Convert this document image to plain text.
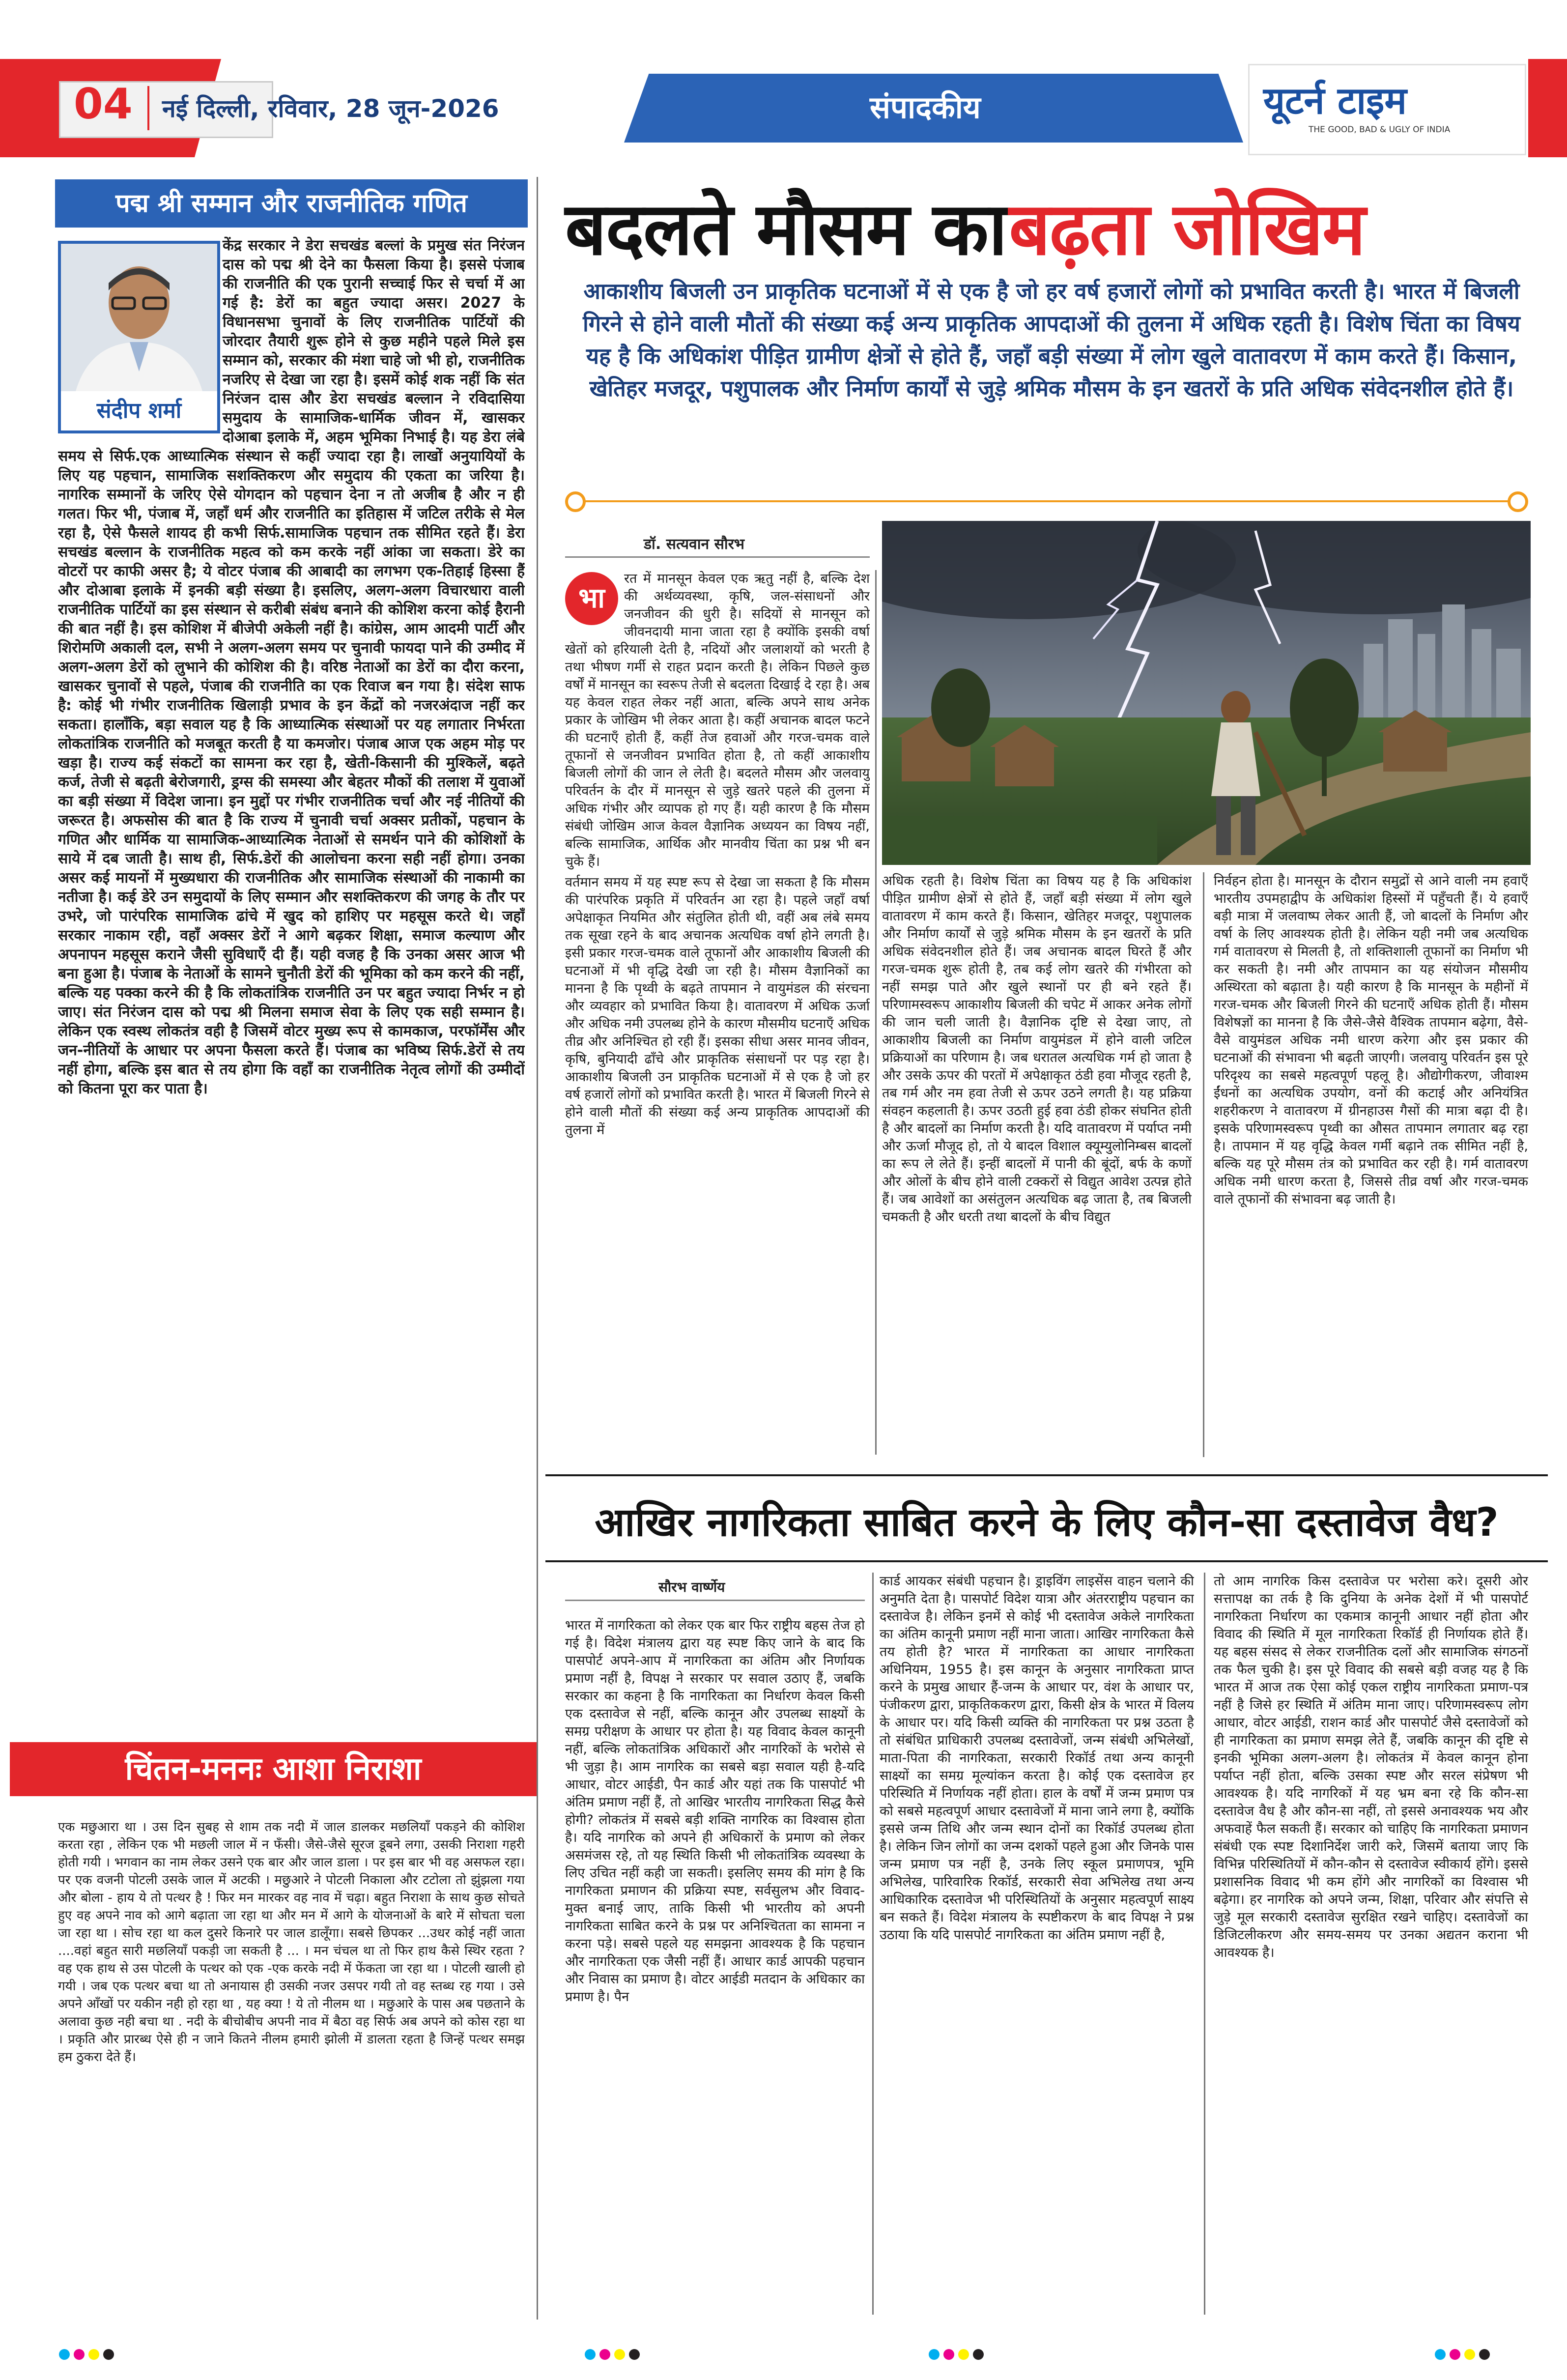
04 नई दिल्ली, रविवार, 28 जून-2026	संपादकीय	यूटर्न टाइम
THE GOOD, BAD & UGLY OF INDIA
पद्म श्री सम्मान और राजनीतिक गणित
संदीप शर्मा

केंद्र सरकार ने डेरा सचखंड बल्लां के प्रमुख संत निरंजन दास को पद्म श्री देने का फैसला किया है। इससे पंजाब की राजनीति की एक पुरानी सच्चाई फिर से चर्चा में आ गई है: डेरों का बहुत ज्यादा असर। 2027 के विधानसभा चुनावों के लिए राजनीतिक पार्टियों की जोरदार तैयारी शुरू होने से कुछ महीने पहले मिले इस सम्मान को, सरकार की मंशा चाहे जो भी हो, राजनीतिक नजरिए से देखा जा रहा है। इसमें कोई शक नहीं कि संत निरंजन दास और डेरा सचखंड बल्लान ने रविदासिया समुदाय के सामाजिक-धार्मिक जीवन में, खासकर दोआबा इलाके में, अहम भूमिका निभाई है। यह डेरा लंबे समय से सिर्फ.एक आध्यात्मिक संस्थान से कहीं ज्यादा रहा है। लाखों अनुयायियों के लिए यह पहचान, सामाजिक सशक्तिकरण और समुदाय की एकता का जरिया है। नागरिक सम्मानों के जरिए ऐसे योगदान को पहचान देना न तो अजीब है और न ही गलत। फिर भी, पंजाब में, जहाँ धर्म और राजनीति का इतिहास में जटिल तरीके से मेल रहा है, ऐसे फैसले शायद ही कभी सिर्फ.सामाजिक पहचान तक सीमित रहते हैं। डेरा सचखंड बल्लान के राजनीतिक महत्व को कम करके नहीं आंका जा सकता। डेरे का वोटरों पर काफी असर है; ये वोटर पंजाब की आबादी का लगभग एक-तिहाई हिस्सा हैं और दोआबा इलाके में इनकी बड़ी संख्या है। इसलिए, अलग-अलग विचारधारा वाली राजनीतिक पार्टियों का इस संस्थान से करीबी संबंध बनाने की कोशिश करना कोई हैरानी की बात नहीं है। इस कोशिश में बीजेपी अकेली नहीं है। कांग्रेस, आम आदमी पार्टी और शिरोमणि अकाली दल, सभी ने अलग-अलग समय पर चुनावी फायदा पाने की उम्मीद में अलग-अलग डेरों को लुभाने की कोशिश की है। वरिष्ठ नेताओं का डेरों का दौरा करना, खासकर चुनावों से पहले, पंजाब की राजनीति का एक रिवाज बन गया है। संदेश साफ है: कोई भी गंभीर राजनीतिक खिलाड़ी प्रभाव के इन केंद्रों को नजरअंदाज नहीं कर सकता। हालाँकि, बड़ा सवाल यह है कि आध्यात्मिक संस्थाओं पर यह लगातार निर्भरता लोकतांत्रिक राजनीति को मजबूत करती है या कमजोर। पंजाब आज एक अहम मोड़ पर खड़ा है। राज्य कई संकटों का सामना कर रहा है, खेती-किसानी की मुश्किलें, बढ़ते कर्ज, तेजी से बढ़ती बेरोजगारी, ड्रग्स की समस्या और बेहतर मौकों की तलाश में युवाओं का बड़ी संख्या में विदेश जाना। इन मुद्दों पर गंभीर राजनीतिक चर्चा और नई नीतियों की जरूरत है। अफसोस की बात है कि राज्य में चुनावी चर्चा अक्सर प्रतीकों, पहचान के गणित और धार्मिक या सामाजिक-आध्यात्मिक नेताओं से समर्थन पाने की कोशिशों के साये में दब जाती है। साथ ही, सिर्फ.डेरों की आलोचना करना सही नहीं होगा। उनका असर कई मायनों में मुख्यधारा की राजनीतिक और सामाजिक संस्थाओं की नाकामी का नतीजा है। कई डेरे उन समुदायों के लिए सम्मान और सशक्तिकरण की जगह के तौर पर उभरे, जो पारंपरिक सामाजिक ढांचे में खुद को हाशिए पर महसूस करते थे। जहाँ सरकार नाकाम रही, वहाँ अक्सर डेरों ने आगे बढ़कर शिक्षा, समाज कल्याण और अपनापन महसूस कराने जैसी सुविधाएँ दी हैं। यही वजह है कि उनका असर आज भी बना हुआ है। पंजाब के नेताओं के सामने चुनौती डेरों की भूमिका को कम करने की नहीं, बल्कि यह पक्का करने की है कि लोकतांत्रिक राजनीति उन पर बहुत ज्यादा निर्भर न हो जाए। संत निरंजन दास को पद्म श्री मिलना समाज सेवा के लिए एक सही सम्मान है। लेकिन एक स्वस्थ लोकतंत्र वही है जिसमें वोटर मुख्य रूप से कामकाज, परफॉर्मेंस और जन-नीतियों के आधार पर अपना फैसला करते हैं। पंजाब का भविष्य सिर्फ.डेरों से तय नहीं होगा, बल्कि इस बात से तय होगा कि वहाँ का राजनीतिक नेतृत्व लोगों की उम्मीदों को कितना पूरा कर पाता है।

चिंतन-मननः आशा निराशा

एक मछुआरा था । उस दिन सुबह से शाम तक नदी में जाल डालकर मछलियाँ पकड़ने की कोशिश करता रहा , लेकिन एक भी मछली जाल में न फँसी। जैसे-जैसे सूरज डूबने लगा, उसकी निराशा गहरी होती गयी । भगवान का नाम लेकर उसने एक बार और जाल डाला । पर इस बार भी वह असफल रहा। पर एक वजनी पोटली उसके जाल में अटकी । मछुआरे ने पोटली निकाला और टटोला तो झुंझला गया और बोला - हाय ये तो पत्थर है ! फिर मन मारकर वह नाव में चढ़ा। बहुत निराशा के साथ कुछ सोचते हुए वह अपने नाव को आगे बढ़ाता जा रहा था और मन में आगे के योजनाओं के बारे में सोचता चला जा रहा था । सोच रहा था कल दुसरे किनारे पर जाल डालूँगा। सबसे छिपकर ...उधर कोई नहीं जाता ....वहां बहुत सारी मछलियाँ पकड़ी जा सकती है ... । मन चंचल था तो फिर हाथ कैसे स्थिर रहता ? वह एक हाथ से उस पोटली के पत्थर को एक -एक करके नदी में फेंकता जा रहा था । पोटली खाली हो गयी । जब एक पत्थर बचा था तो अनायास ही उसकी नजर उसपर गयी तो वह स्तब्ध रह गया । उसे अपने आँखों पर यकीन नही हो रहा था , यह क्या ! ये तो नीलम था । मछुआरे के पास अब पछताने के अलावा कुछ नही बचा था . नदी के बीचोबीच अपनी नाव में बैठा वह सिर्फ अब अपने को कोस रहा था । प्रकृति और प्रारब्ध ऐसे ही न जाने कितने नीलम हमारी झोली में डालता रहता है जिन्हें पत्थर समझ हम ठुकरा देते हैं।

बदलते मौसम का बढ़ता जोखिम
आकाशीय बिजली उन प्राकृतिक घटनाओं में से एक है जो हर वर्ष हजारों लोगों को प्रभावित करती है। भारत में बिजली गिरने से होने वाली मौतों की संख्या कई अन्य प्राकृतिक आपदाओं की तुलना में अधिक रहती है। विशेष चिंता का विषय यह है कि अधिकांश पीड़ित ग्रामीण क्षेत्रों से होते हैं, जहाँ बड़ी संख्या में लोग खुले वातावरण में काम करते हैं। किसान, खेतिहर मजदूर, पशुपालक और निर्माण कार्यों से जुड़े श्रमिक मौसम के इन खतरों के प्रति अधिक संवेदनशील होते हैं।
डॉ. सत्यवान सौरभ
भा

रत में मानसून केवल एक ऋतु नहीं है, बल्कि देश की अर्थव्यवस्था, कृषि, जल-संसाधनों और जनजीवन की धुरी है। सदियों से मानसून को जीवनदायी माना जाता रहा है क्योंकि इसकी वर्षा खेतों को हरियाली देती है, नदियों और जलाशयों को भरती है तथा भीषण गर्मी से राहत प्रदान करती है। लेकिन पिछले कुछ वर्षों में मानसून का स्वरूप तेजी से बदलता दिखाई दे रहा है। अब यह केवल राहत लेकर नहीं आता, बल्कि अपने साथ अनेक प्रकार के जोखिम भी लेकर आता है। कहीं अचानक बादल फटने की घटनाएँ होती हैं, कहीं तेज हवाओं और गरज-चमक वाले तूफानों से जनजीवन प्रभावित होता है, तो कहीं आकाशीय बिजली लोगों की जान ले लेती है। बदलते मौसम और जलवायु परिवर्तन के दौर में मानसून से जुड़े खतरे पहले की तुलना में अधिक गंभीर और व्यापक हो गए हैं। यही कारण है कि मौसम संबंधी जोखिम आज केवल वैज्ञानिक अध्ययन का विषय नहीं, बल्कि सामाजिक, आर्थिक और मानवीय चिंता का प्रश्न भी बन चुके हैं।

वर्तमान समय में यह स्पष्ट रूप से देखा जा सकता है कि मौसम की पारंपरिक प्रकृति में परिवर्तन आ रहा है। पहले जहाँ वर्षा अपेक्षाकृत नियमित और संतुलित होती थी, वहीं अब लंबे समय तक सूखा रहने के बाद अचानक अत्यधिक वर्षा होने लगती है। इसी प्रकार गरज-चमक वाले तूफानों और आकाशीय बिजली की घटनाओं में भी वृद्धि देखी जा रही है। मौसम वैज्ञानिकों का मानना है कि पृथ्वी के बढ़ते तापमान ने वायुमंडल की संरचना और व्यवहार को प्रभावित किया है। वातावरण में अधिक ऊर्जा और अधिक नमी उपलब्ध होने के कारण मौसमीय घटनाएँ अधिक तीव्र और अनिश्चित हो रही हैं। इसका सीधा असर मानव जीवन, कृषि, बुनियादी ढाँचे और प्राकृतिक संसाधनों पर पड़ रहा है। आकाशीय बिजली उन प्राकृतिक घटनाओं में से एक है जो हर वर्ष हजारों लोगों को प्रभावित करती है। भारत में बिजली गिरने से होने वाली मौतों की संख्या कई अन्य प्राकृतिक आपदाओं की तुलना में

अधिक रहती है। विशेष चिंता का विषय यह है कि अधिकांश पीड़ित ग्रामीण क्षेत्रों से होते हैं, जहाँ बड़ी संख्या में लोग खुले वातावरण में काम करते हैं। किसान, खेतिहर मजदूर, पशुपालक और निर्माण कार्यों से जुड़े श्रमिक मौसम के इन खतरों के प्रति अधिक संवेदनशील होते हैं। जब अचानक बादल घिरते हैं और गरज-चमक शुरू होती है, तब कई लोग खतरे की गंभीरता को नहीं समझ पाते और खुले स्थानों पर ही बने रहते हैं। परिणामस्वरूप आकाशीय बिजली की चपेट में आकर अनेक लोगों की जान चली जाती है। वैज्ञानिक दृष्टि से देखा जाए, तो आकाशीय बिजली का निर्माण वायुमंडल में होने वाली जटिल प्रक्रियाओं का परिणाम है। जब धरातल अत्यधिक गर्म हो जाता है और उसके ऊपर की परतों में अपेक्षाकृत ठंडी हवा मौजूद रहती है, तब गर्म और नम हवा तेजी से ऊपर उठने लगती है। यह प्रक्रिया संवहन कहलाती है। ऊपर उठती हुई हवा ठंडी होकर संघनित होती है और बादलों का निर्माण करती है। यदि वातावरण में पर्याप्त नमी और ऊर्जा मौजूद हो, तो ये बादल विशाल क्यूम्युलोनिम्बस बादलों का रूप ले लेते हैं। इन्हीं बादलों में पानी की बूंदों, बर्फ के कणों और ओलों के बीच होने वाली टक्करों से विद्युत आवेश उत्पन्न होते हैं। जब आवेशों का असंतुलन अत्यधिक बढ़ जाता है, तब बिजली चमकती है और धरती तथा बादलों के बीच विद्युत

निर्वहन होता है। मानसून के दौरान समुद्रों से आने वाली नम हवाएँ भारतीय उपमहाद्वीप के अधिकांश हिस्सों में पहुँचती हैं। ये हवाएँ बड़ी मात्रा में जलवाष्प लेकर आती हैं, जो बादलों के निर्माण और वर्षा के लिए आवश्यक होती है। लेकिन यही नमी जब अत्यधिक गर्म वातावरण से मिलती है, तो शक्तिशाली तूफानों का निर्माण भी कर सकती है। नमी और तापमान का यह संयोजन मौसमीय अस्थिरता को बढ़ाता है। यही कारण है कि मानसून के महीनों में गरज-चमक और बिजली गिरने की घटनाएँ अधिक होती हैं। मौसम विशेषज्ञों का मानना है कि जैसे-जैसे वैश्विक तापमान बढ़ेगा, वैसे-वैसे वायुमंडल अधिक नमी धारण करेगा और इस प्रकार की घटनाओं की संभावना भी बढ़ती जाएगी। जलवायु परिवर्तन इस पूरे परिदृश्य का सबसे महत्वपूर्ण पहलू है। औद्योगीकरण, जीवाश्म ईंधनों का अत्यधिक उपयोग, वनों की कटाई और अनियंत्रित शहरीकरण ने वातावरण में ग्रीनहाउस गैसों की मात्रा बढ़ा दी है। इसके परिणामस्वरूप पृथ्वी का औसत तापमान लगातार बढ़ रहा है। तापमान में यह वृद्धि केवल गर्मी बढ़ाने तक सीमित नहीं है, बल्कि यह पूरे मौसम तंत्र को प्रभावित कर रही है। गर्म वातावरण अधिक नमी धारण करता है, जिससे तीव्र वर्षा और गरज-चमक वाले तूफानों की संभावना बढ़ जाती है।

आखिर नागरिकता साबित करने के लिए कौन-सा दस्तावेज वैध?
सौरभ वार्ष्णेय

भारत में नागरिकता को लेकर एक बार फिर राष्ट्रीय बहस तेज हो गई है। विदेश मंत्रालय द्वारा यह स्पष्ट किए जाने के बाद कि पासपोर्ट अपने-आप में नागरिकता का अंतिम और निर्णायक प्रमाण नहीं है, विपक्ष ने सरकार पर सवाल उठाए हैं, जबकि सरकार का कहना है कि नागरिकता का निर्धारण केवल किसी एक दस्तावेज से नहीं, बल्कि कानून और उपलब्ध साक्ष्यों के समग्र परीक्षण के आधार पर होता है। यह विवाद केवल कानूनी नहीं, बल्कि लोकतांत्रिक अधिकारों और नागरिकों के भरोसे से भी जुड़ा है। आम नागरिक का सबसे बड़ा सवाल यही है-यदि आधार, वोटर आईडी, पैन कार्ड और यहां तक कि पासपोर्ट भी अंतिम प्रमाण नहीं हैं, तो आखिर भारतीय नागरिकता सिद्ध कैसे होगी? लोकतंत्र में सबसे बड़ी शक्ति नागरिक का विश्वास होता है। यदि नागरिक को अपने ही अधिकारों के प्रमाण को लेकर असमंजस रहे, तो यह स्थिति किसी भी लोकतांत्रिक व्यवस्था के लिए उचित नहीं कही जा सकती। इसलिए समय की मांग है कि नागरिकता प्रमाणन की प्रक्रिया स्पष्ट, सर्वसुलभ और विवाद-मुक्त बनाई जाए, ताकि किसी भी भारतीय को अपनी नागरिकता साबित करने के प्रश्न पर अनिश्चितता का सामना न करना पड़े। सबसे पहले यह समझना आवश्यक है कि पहचान और नागरिकता एक जैसी नहीं हैं। आधार कार्ड आपकी पहचान और निवास का प्रमाण है। वोटर आईडी मतदान के अधिकार का प्रमाण है। पैन

कार्ड आयकर संबंधी पहचान है। ड्राइविंग लाइसेंस वाहन चलाने की अनुमति देता है। पासपोर्ट विदेश यात्रा और अंतरराष्ट्रीय पहचान का दस्तावेज है। लेकिन इनमें से कोई भी दस्तावेज अकेले नागरिकता का अंतिम कानूनी प्रमाण नहीं माना जाता। आखिर नागरिकता कैसे तय होती है? भारत में नागरिकता का आधार नागरिकता अधिनियम, 1955 है। इस कानून के अनुसार नागरिकता प्राप्त करने के प्रमुख आधार हैं-जन्म के आधार पर, वंश के आधार पर, पंजीकरण द्वारा, प्राकृतिककरण द्वारा, किसी क्षेत्र के भारत में विलय के आधार पर। यदि किसी व्यक्ति की नागरिकता पर प्रश्न उठता है तो संबंधित प्राधिकारी उपलब्ध दस्तावेजों, जन्म संबंधी अभिलेखों, माता-पिता की नागरिकता, सरकारी रिकॉर्ड तथा अन्य कानूनी साक्ष्यों का समग्र मूल्यांकन करता है। कोई एक दस्तावेज हर परिस्थिति में निर्णायक नहीं होता। हाल के वर्षों में जन्म प्रमाण पत्र को सबसे महत्वपूर्ण आधार दस्तावेजों में माना जाने लगा है, क्योंकि इससे जन्म तिथि और जन्म स्थान दोनों का रिकॉर्ड उपलब्ध होता है। लेकिन जिन लोगों का जन्म दशकों पहले हुआ और जिनके पास जन्म प्रमाण पत्र नहीं है, उनके लिए स्कूल प्रमाणपत्र, भूमि अभिलेख, पारिवारिक रिकॉर्ड, सरकारी सेवा अभिलेख तथा अन्य आधिकारिक दस्तावेज भी परिस्थितियों के अनुसार महत्वपूर्ण साक्ष्य बन सकते हैं। विदेश मंत्रालय के स्पष्टीकरण के बाद विपक्ष ने प्रश्न उठाया कि यदि पासपोर्ट नागरिकता का अंतिम प्रमाण नहीं है,

तो आम नागरिक किस दस्तावेज पर भरोसा करे। दूसरी ओर सत्तापक्ष का तर्क है कि दुनिया के अनेक देशों में भी पासपोर्ट नागरिकता निर्धारण का एकमात्र कानूनी आधार नहीं होता और विवाद की स्थिति में मूल नागरिकता रिकॉर्ड ही निर्णायक होते हैं। यह बहस संसद से लेकर राजनीतिक दलों और सामाजिक संगठनों तक फैल चुकी है। इस पूरे विवाद की सबसे बड़ी वजह यह है कि भारत में आज तक ऐसा कोई एकल राष्ट्रीय नागरिकता प्रमाण-पत्र नहीं है जिसे हर स्थिति में अंतिम माना जाए। परिणामस्वरूप लोग आधार, वोटर आईडी, राशन कार्ड और पासपोर्ट जैसे दस्तावेजों को ही नागरिकता का प्रमाण समझ लेते हैं, जबकि कानून की दृष्टि से इनकी भूमिका अलग-अलग है। लोकतंत्र में केवल कानून होना पर्याप्त नहीं होता, बल्कि उसका स्पष्ट और सरल संप्रेषण भी आवश्यक है। यदि नागरिकों में यह भ्रम बना रहे कि कौन-सा दस्तावेज वैध है और कौन-सा नहीं, तो इससे अनावश्यक भय और अफवाहें फैल सकती हैं। सरकार को चाहिए कि नागरिकता प्रमाणन संबंधी एक स्पष्ट दिशानिर्देश जारी करे, जिसमें बताया जाए कि विभिन्न परिस्थितियों में कौन-कौन से दस्तावेज स्वीकार्य होंगे। इससे प्रशासनिक विवाद भी कम होंगे और नागरिकों का विश्वास भी बढ़ेगा। हर नागरिक को अपने जन्म, शिक्षा, परिवार और संपत्ति से जुड़े मूल सरकारी दस्तावेज सुरक्षित रखने चाहिए। दस्तावेजों का डिजिटलीकरण और समय-समय पर उनका अद्यतन कराना भी आवश्यक है।
